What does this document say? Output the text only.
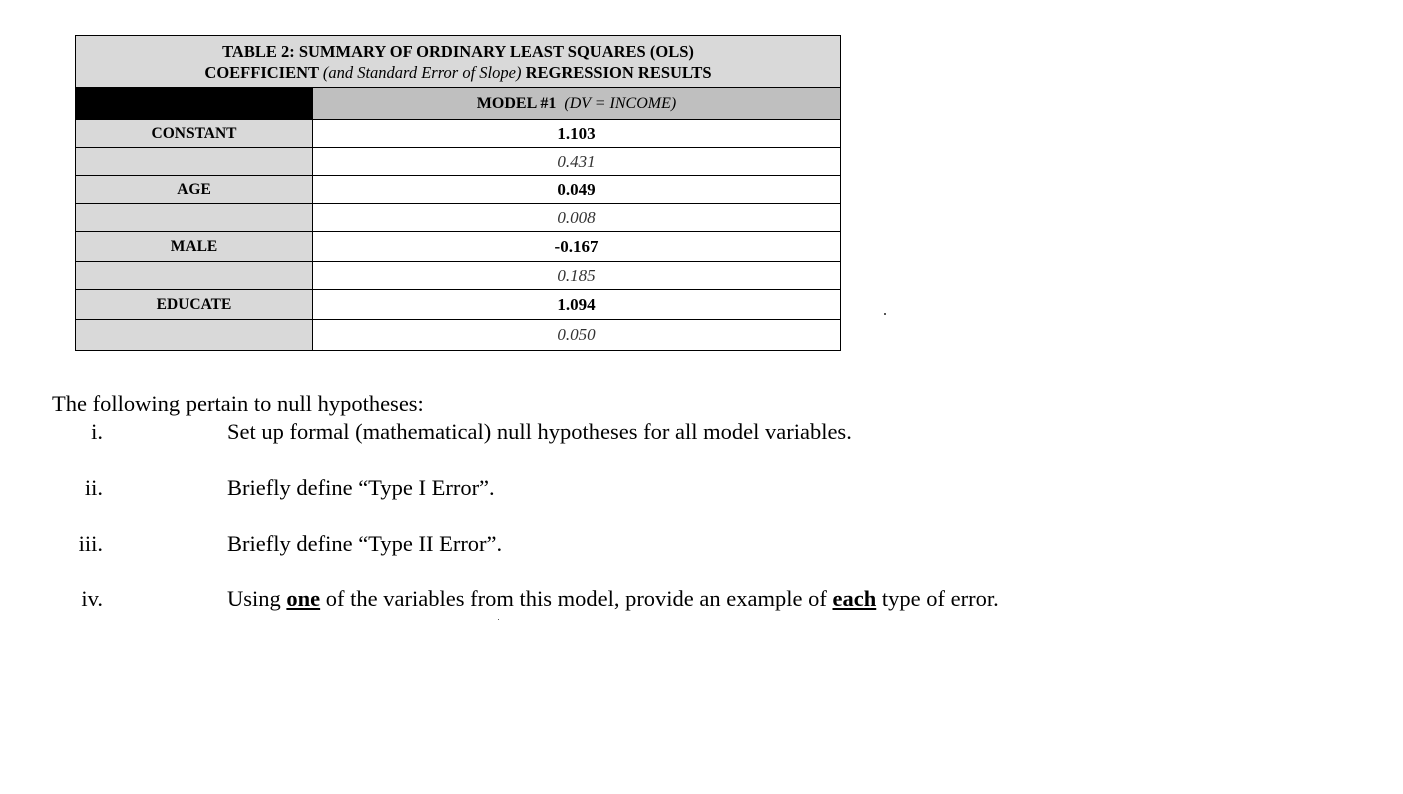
TABLE 2: SUMMARY OF ORDINARY LEAST SQUARES (OLS)
COEFFICIENT (and Standard Error of Slope) REGRESSION RESULTS	
	MODEL #1 (DV = INCOME)
CONSTANT	1.103
	0.431
AGE	0.049
	0.008
MALE	-0.167
	0.185
EDUCATE	1.094
	0.050
The following pertain to null hypotheses:
i.	Set up formal (mathematical) null hypotheses for all model variables.
ii.	Briefly define “Type I Error”.
iii.	Briefly define “Type II Error”.
iv.	Using one of the variables from this model, provide an example of each type of error.
